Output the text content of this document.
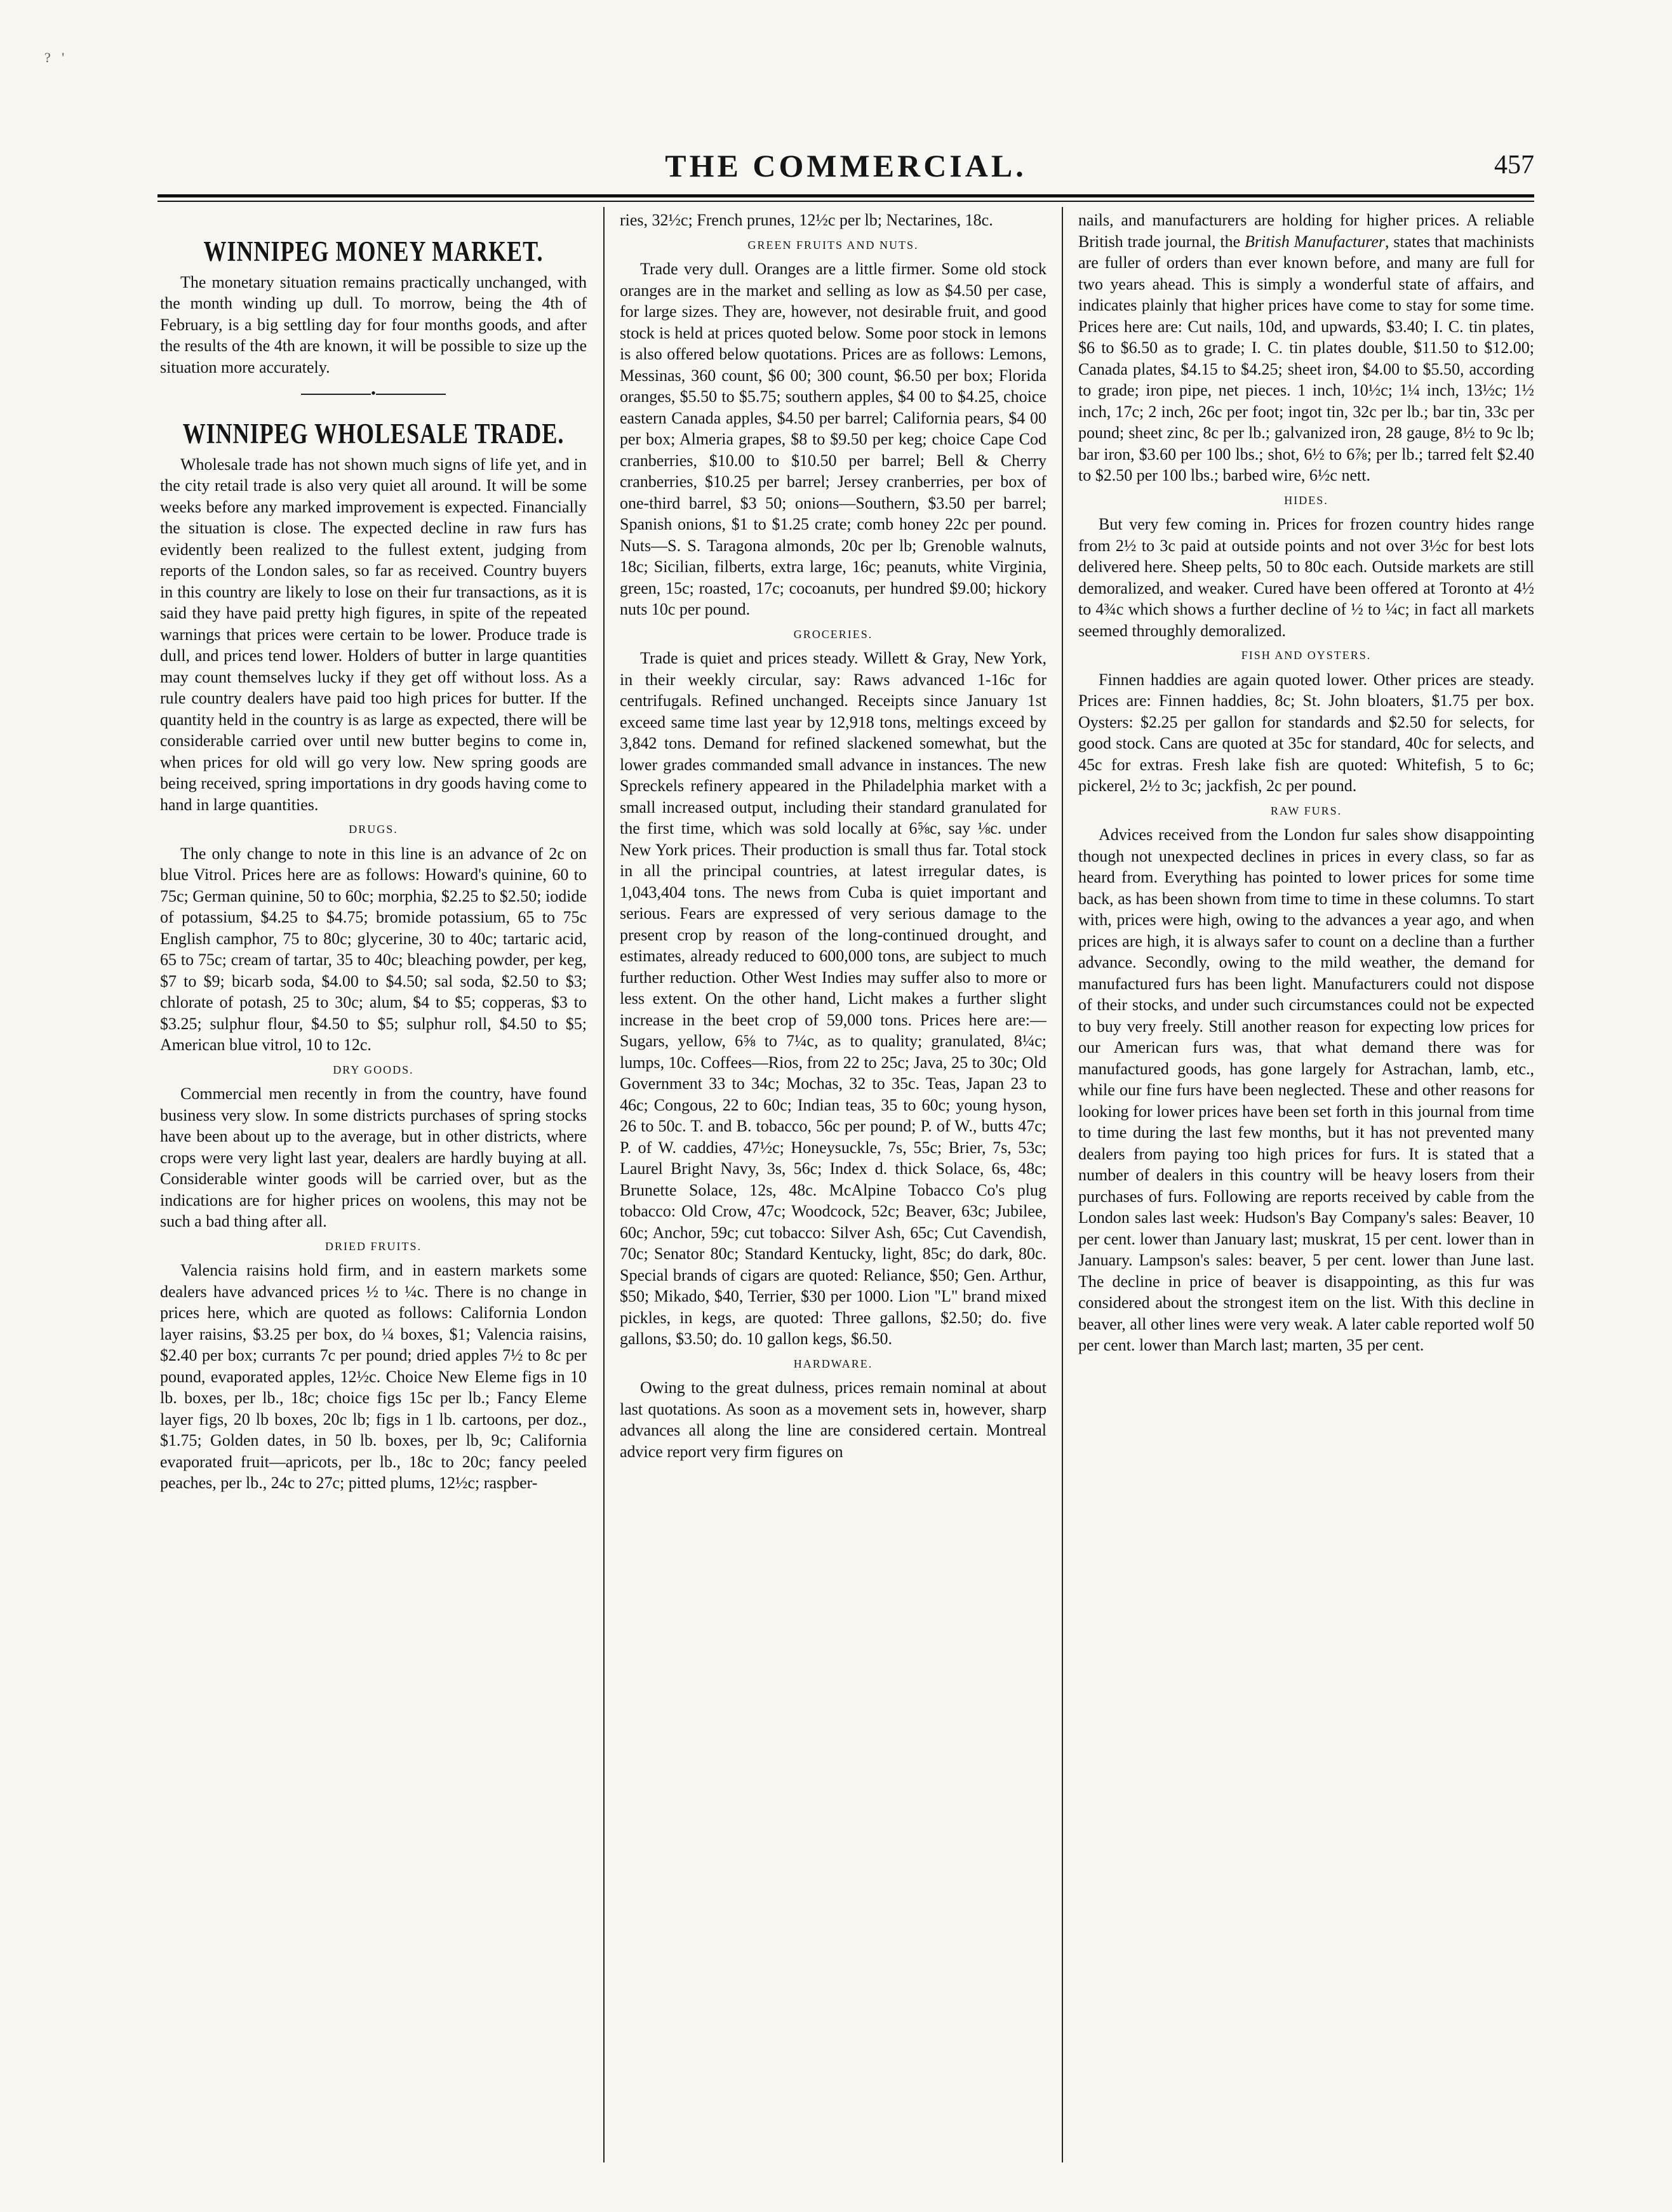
? '
THE COMMERCIAL.	457
WINNIPEG MONEY MARKET.

The monetary situation remains practically unchanged, with the month winding up dull. To morrow, being the 4th of February, is a big settling day for four months goods, and after the results of the 4th are known, it will be possible to size up the situation more accurately.

•
WINNIPEG WHOLESALE TRADE.

Wholesale trade has not shown much signs of life yet, and in the city retail trade is also very quiet all around. It will be some weeks before any marked improvement is expected. Financially the situation is close. The expected decline in raw furs has evidently been realized to the fullest extent, judging from reports of the London sales, so far as received. Country buyers in this country are likely to lose on their fur transactions, as it is said they have paid pretty high figures, in spite of the repeated warnings that prices were certain to be lower. Produce trade is dull, and prices tend lower. Holders of butter in large quantities may count themselves lucky if they get off without loss. As a rule country dealers have paid too high prices for butter. If the quantity held in the country is as large as expected, there will be considerable carried over until new butter begins to come in, when prices for old will go very low. New spring goods are being received, spring importations in dry goods having come to hand in large quantities.

DRUGS.

The only change to note in this line is an advance of 2c on blue Vitrol. Prices here are as follows: Howard's quinine, 60 to 75c; German quinine, 50 to 60c; morphia, $2.25 to $2.50; iodide of potassium, $4.25 to $4.75; bromide potassium, 65 to 75c English camphor, 75 to 80c; glycerine, 30 to 40c; tartaric acid, 65 to 75c; cream of tartar, 35 to 40c; bleaching powder, per keg, $7 to $9; bicarb soda, $4.00 to $4.50; sal soda, $2.50 to $3; chlorate of potash, 25 to 30c; alum, $4 to $5; copperas, $3 to $3.25; sulphur flour, $4.50 to $5; sulphur roll, $4.50 to $5; American blue vitrol, 10 to 12c.

DRY GOODS.

Commercial men recently in from the country, have found business very slow. In some districts purchases of spring stocks have been about up to the average, but in other districts, where crops were very light last year, dealers are hardly buying at all. Considerable winter goods will be carried over, but as the indications are for higher prices on woolens, this may not be such a bad thing after all.

DRIED FRUITS.

Valencia raisins hold firm, and in eastern markets some dealers have advanced prices ½ to ¼c. There is no change in prices here, which are quoted as follows: California London layer raisins, $3.25 per box, do ¼ boxes, $1; Valencia raisins, $2.40 per box; currants 7c per pound; dried apples 7½ to 8c per pound, evaporated apples, 12½c. Choice New Eleme figs in 10 lb. boxes, per lb., 18c; choice figs 15c per lb.; Fancy Eleme layer figs, 20 lb boxes, 20c lb; figs in 1 lb. cartoons, per doz., $1.75; Golden dates, in 50 lb. boxes, per lb, 9c; California evaporated fruit—apricots, per lb., 18c to 20c; fancy peeled peaches, per lb., 24c to 27c; pitted plums, 12½c; raspber-

ries, 32½c; French prunes, 12½c per lb; Nectarines, 18c.

GREEN FRUITS AND NUTS.

Trade very dull. Oranges are a little firmer. Some old stock oranges are in the market and selling as low as $4.50 per case, for large sizes. They are, however, not desirable fruit, and good stock is held at prices quoted below. Some poor stock in lemons is also offered below quotations. Prices are as follows: Lemons, Messinas, 360 count, $6 00; 300 count, $6.50 per box; Florida oranges, $5.50 to $5.75; southern apples, $4 00 to $4.25, choice eastern Canada apples, $4.50 per barrel; California pears, $4 00 per box; Almeria grapes, $8 to $9.50 per keg; choice Cape Cod cranberries, $10.00 to $10.50 per barrel; Bell & Cherry cranberries, $10.25 per barrel; Jersey cranberries, per box of one-third barrel, $3 50; onions—Southern, $3.50 per barrel; Spanish onions, $1 to $1.25 crate; comb honey 22c per pound. Nuts—S. S. Taragona almonds, 20c per lb; Grenoble walnuts, 18c; Sicilian, filberts, extra large, 16c; peanuts, white Virginia, green, 15c; roasted, 17c; cocoanuts, per hundred $9.00; hickory nuts 10c per pound.

GROCERIES.

Trade is quiet and prices steady. Willett & Gray, New York, in their weekly circular, say: Raws advanced 1-16c for centrifugals. Refined unchanged. Receipts since January 1st exceed same time last year by 12,918 tons, meltings exceed by 3,842 tons. Demand for refined slackened somewhat, but the lower grades commanded small advance in instances. The new Spreckels refinery appeared in the Philadelphia market with a small increased output, including their standard granulated for the first time, which was sold locally at 6⅝c, say ⅛c. under New York prices. Their production is small thus far. Total stock in all the principal countries, at latest irregular dates, is 1,043,404 tons. The news from Cuba is quiet important and serious. Fears are expressed of very serious damage to the present crop by reason of the long-continued drought, and estimates, already reduced to 600,000 tons, are subject to much further reduction. Other West Indies may suffer also to more or less extent. On the other hand, Licht makes a further slight increase in the beet crop of 59,000 tons. Prices here are:—Sugars, yellow, 6⅝ to 7¼c, as to quality; granulated, 8¼c; lumps, 10c. Coffees—Rios, from 22 to 25c; Java, 25 to 30c; Old Government 33 to 34c; Mochas, 32 to 35c. Teas, Japan 23 to 46c; Congous, 22 to 60c; Indian teas, 35 to 60c; young hyson, 26 to 50c. T. and B. tobacco, 56c per pound; P. of W., butts 47c; P. of W. caddies, 47½c; Honeysuckle, 7s, 55c; Brier, 7s, 53c; Laurel Bright Navy, 3s, 56c; Index d. thick Solace, 6s, 48c; Brunette Solace, 12s, 48c. McAlpine Tobacco Co's plug tobacco: Old Crow, 47c; Woodcock, 52c; Beaver, 63c; Jubilee, 60c; Anchor, 59c; cut tobacco: Silver Ash, 65c; Cut Cavendish, 70c; Senator 80c; Standard Kentucky, light, 85c; do dark, 80c. Special brands of cigars are quoted: Reliance, $50; Gen. Arthur, $50; Mikado, $40, Terrier, $30 per 1000. Lion "L" brand mixed pickles, in kegs, are quoted: Three gallons, $2.50; do. five gallons, $3.50; do. 10 gallon kegs, $6.50.

HARDWARE.

Owing to the great dulness, prices remain nominal at about last quotations. As soon as a movement sets in, however, sharp advances all along the line are considered certain. Montreal advice report very firm figures on

nails, and manufacturers are holding for higher prices. A reliable British trade journal, the British Manufacturer, states that machinists are fuller of orders than ever known before, and many are full for two years ahead. This is simply a wonderful state of affairs, and indicates plainly that higher prices have come to stay for some time. Prices here are: Cut nails, 10d, and upwards, $3.40; I. C. tin plates, $6 to $6.50 as to grade; I. C. tin plates double, $11.50 to $12.00; Canada plates, $4.15 to $4.25; sheet iron, $4.00 to $5.50, according to grade; iron pipe, net pieces. 1 inch, 10½c; 1¼ inch, 13½c; 1½ inch, 17c; 2 inch, 26c per foot; ingot tin, 32c per lb.; bar tin, 33c per pound; sheet zinc, 8c per lb.; galvanized iron, 28 gauge, 8½ to 9c lb; bar iron, $3.60 per 100 lbs.; shot, 6½ to 6⅞; per lb.; tarred felt $2.40 to $2.50 per 100 lbs.; barbed wire, 6½c nett.

HIDES.

But very few coming in. Prices for frozen country hides range from 2½ to 3c paid at outside points and not over 3½c for best lots delivered here. Sheep pelts, 50 to 80c each. Outside markets are still demoralized, and weaker. Cured have been offered at Toronto at 4½ to 4¾c which shows a further decline of ½ to ¼c; in fact all markets seemed throughly demoralized.

FISH AND OYSTERS.

Finnen haddies are again quoted lower. Other prices are steady. Prices are: Finnen haddies, 8c; St. John bloaters, $1.75 per box. Oysters: $2.25 per gallon for standards and $2.50 for selects, for good stock. Cans are quoted at 35c for standard, 40c for selects, and 45c for extras. Fresh lake fish are quoted: Whitefish, 5 to 6c; pickerel, 2½ to 3c; jackfish, 2c per pound.

RAW FURS.

Advices received from the London fur sales show disappointing though not unexpected declines in prices in every class, so far as heard from. Everything has pointed to lower prices for some time back, as has been shown from time to time in these columns. To start with, prices were high, owing to the advances a year ago, and when prices are high, it is always safer to count on a decline than a further advance. Secondly, owing to the mild weather, the demand for manufactured furs has been light. Manufacturers could not dispose of their stocks, and under such circumstances could not be expected to buy very freely. Still another reason for expecting low prices for our American furs was, that what demand there was for manufactured goods, has gone largely for Astrachan, lamb, etc., while our fine furs have been neglected. These and other reasons for looking for lower prices have been set forth in this journal from time to time during the last few months, but it has not prevented many dealers from paying too high prices for furs. It is stated that a number of dealers in this country will be heavy losers from their purchases of furs. Following are reports received by cable from the London sales last week: Hudson's Bay Company's sales: Beaver, 10 per cent. lower than January last; muskrat, 15 per cent. lower than in January. Lampson's sales: beaver, 5 per cent. lower than June last. The decline in price of beaver is disappointing, as this fur was considered about the strongest item on the list. With this decline in beaver, all other lines were very weak. A later cable reported wolf 50 per cent. lower than March last; marten, 35 per cent.
